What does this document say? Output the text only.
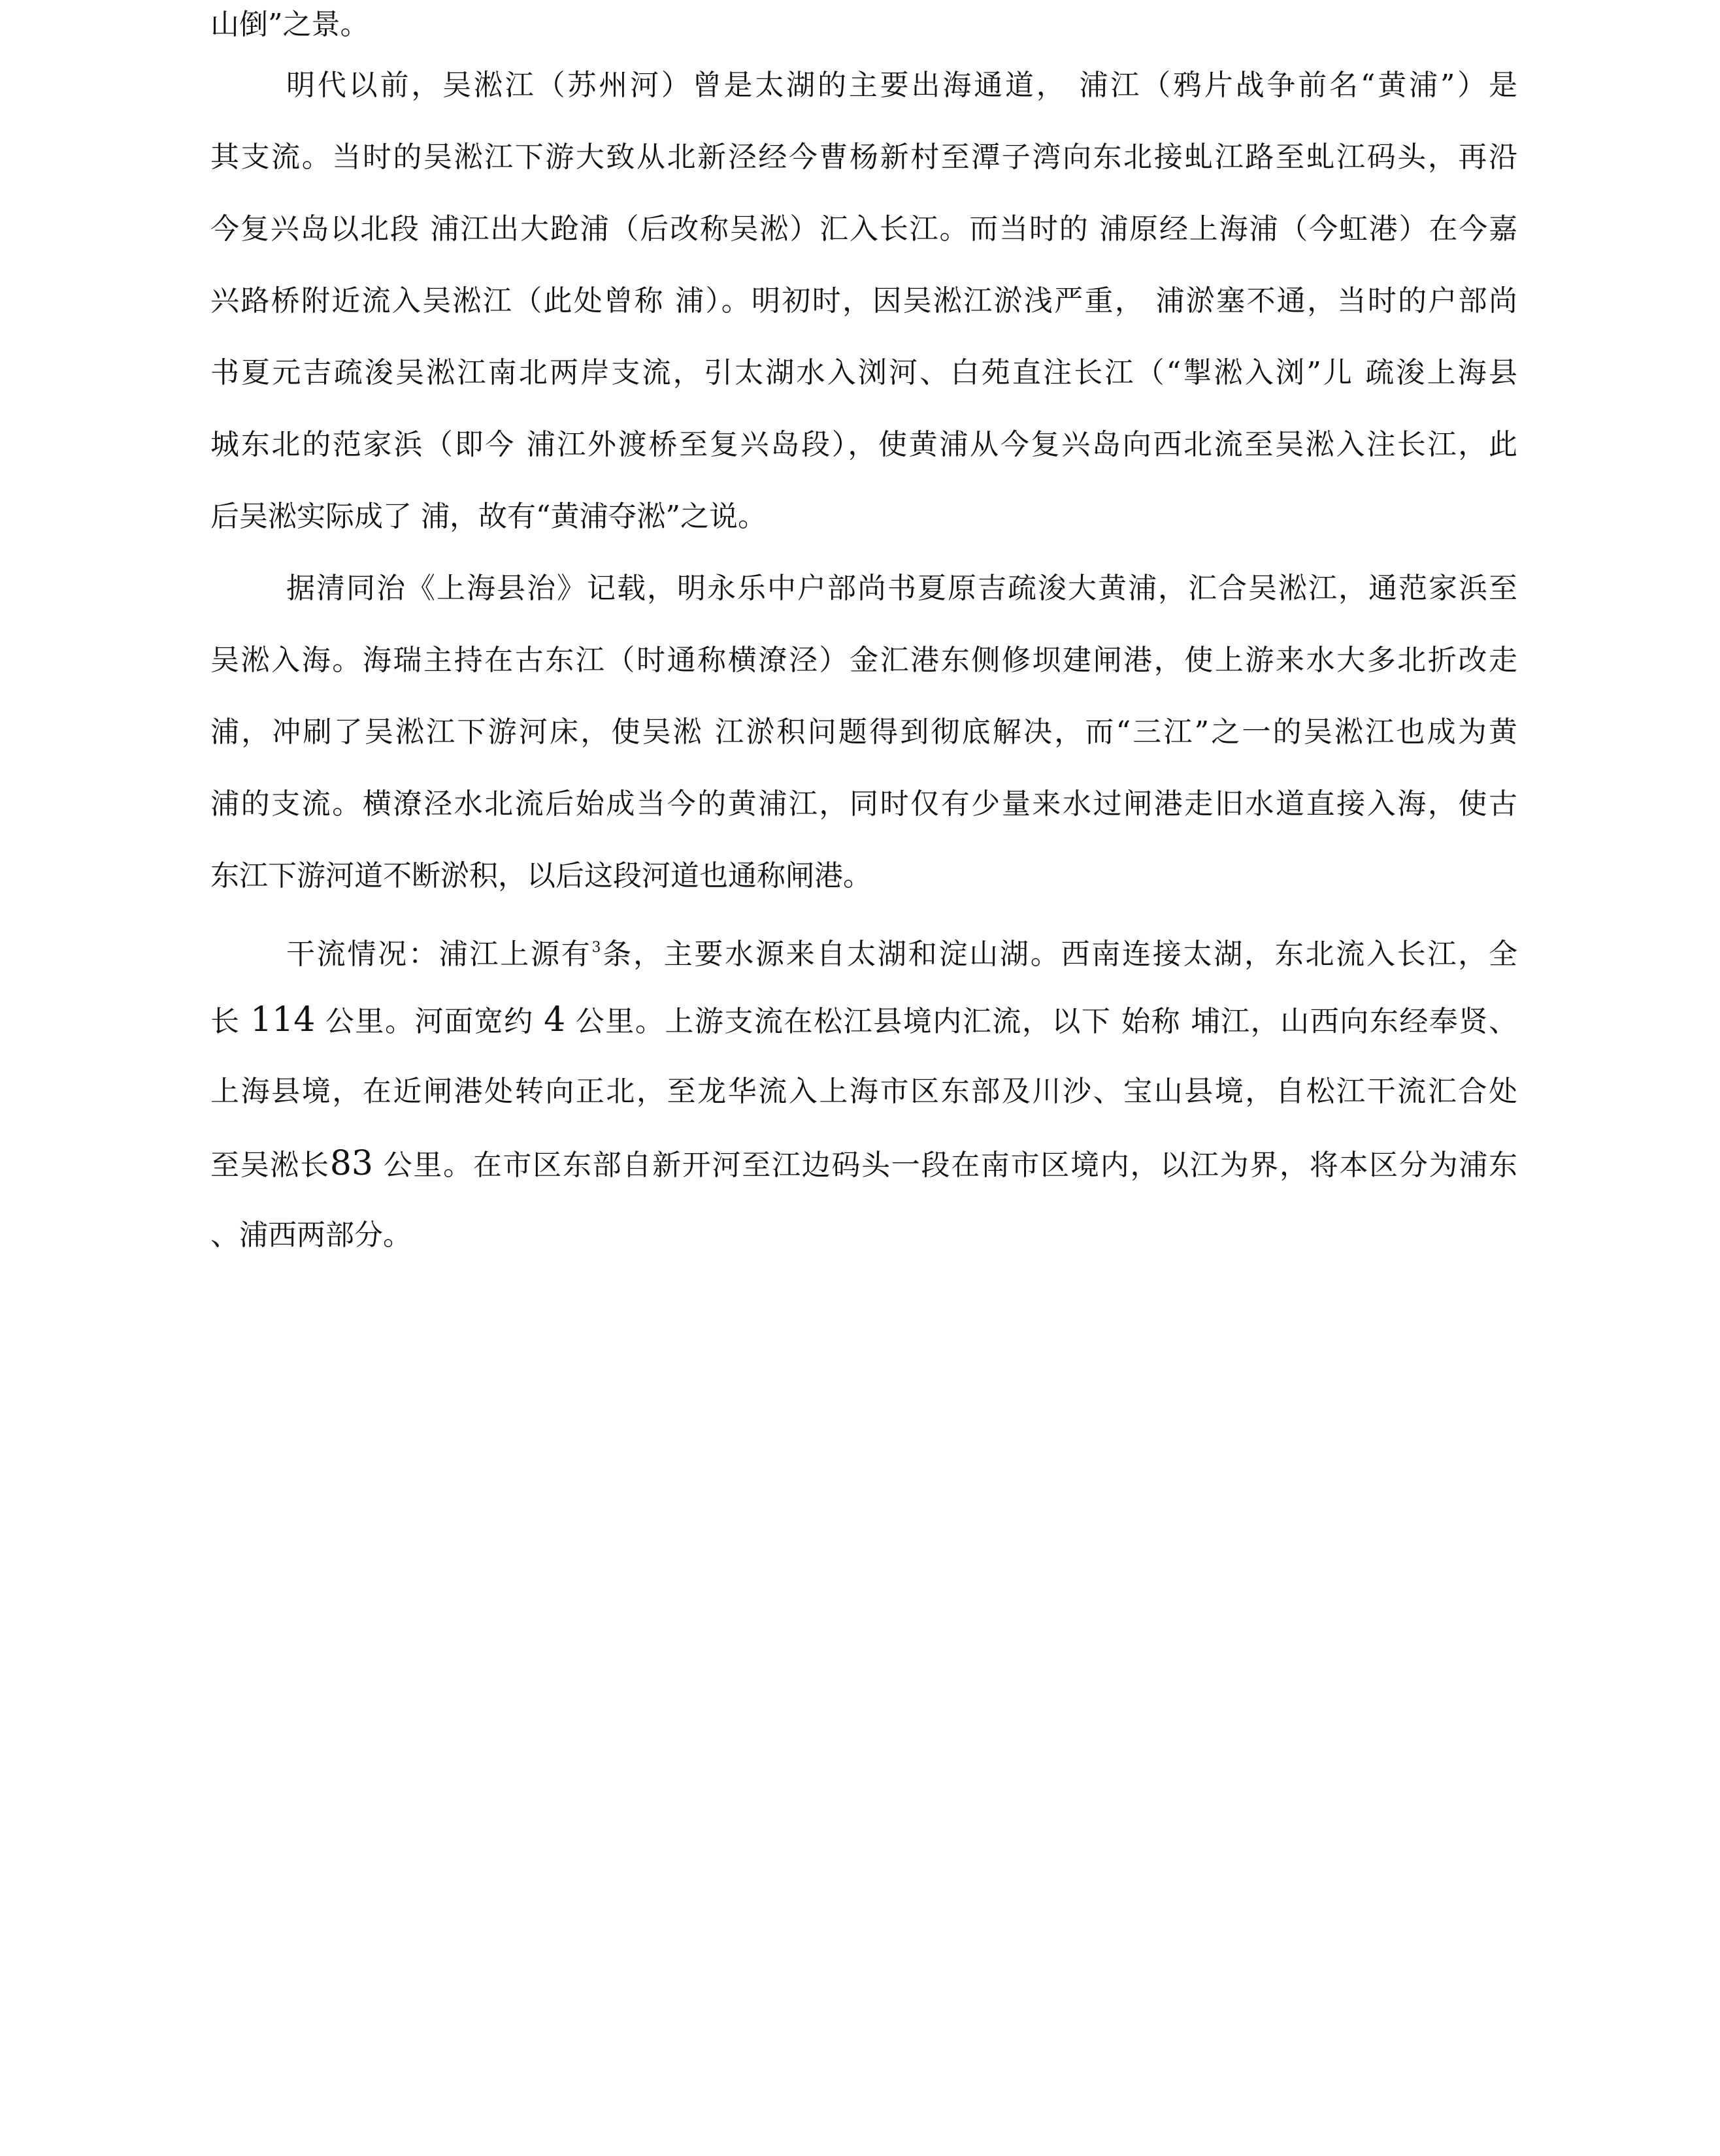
山倒”之景。
明代以前，吴淞江（苏州河）曾是太湖的主要出海通道， 浦江（鸦片战争前名“黄浦”）是
其支流。当时的吴淞江下游大致从北新泾经今曹杨新村至潭子湾向东北接虬江路至虬江码头，再沿
今复兴岛以北段 浦江出大跄浦（后改称吴淞）汇入长江。而当时的 浦原经上海浦（今虹港）在今嘉
兴路桥附近流入吴淞江（此处曾称 浦）。明初时，因吴淞江淤浅严重， 浦淤塞不通，当时的户部尚
书夏元吉疏浚吴淞江南北两岸支流，引太湖水入浏河、白苑直注长江（“掣淞入浏”儿 疏浚上海县
城东北的范家浜（即今 浦江外渡桥至复兴岛段），使黄浦从今复兴岛向西北流至吴淞入注长江，此
后吴淞实际成了 浦，故有“黄浦夺淞”之说。
据清同治《上海县治》记载，明永乐中户部尚书夏原吉疏浚大黄浦，汇合吴淞江，通范家浜至
吴淞入海。海瑞主持在古东江（时通称横潦泾）金汇港东侧修坝建闸港，使上游来水大多北折改走
浦，冲刷了吴淞江下游河床，使吴淞 江淤积问题得到彻底解决，而“三江”之一的吴淞江也成为黄
浦的支流。横潦泾水北流后始成当今的黄浦江，同时仅有少量来水过闸港走旧水道直接入海，使古
东江下游河道不断淤积，以后这段河道也通称闸港。
干流情况：浦江上源有$^3$条，主要水源来自太湖和淀山湖。西南连接太湖，东北流入长江，全
长 114 公里。河面宽约 4 公里。上游支流在松江县境内汇流，以下 始称 埔江，山西向东经奉贤、
上海县境，在近闸港处转向正北，至龙华流入上海市区东部及川沙、宝山县境，自松江干流汇合处
至吴淞长83 公里。在市区东部自新开河至江边码头一段在南市区境内，以江为界，将本区分为浦东
、浦西两部分。
